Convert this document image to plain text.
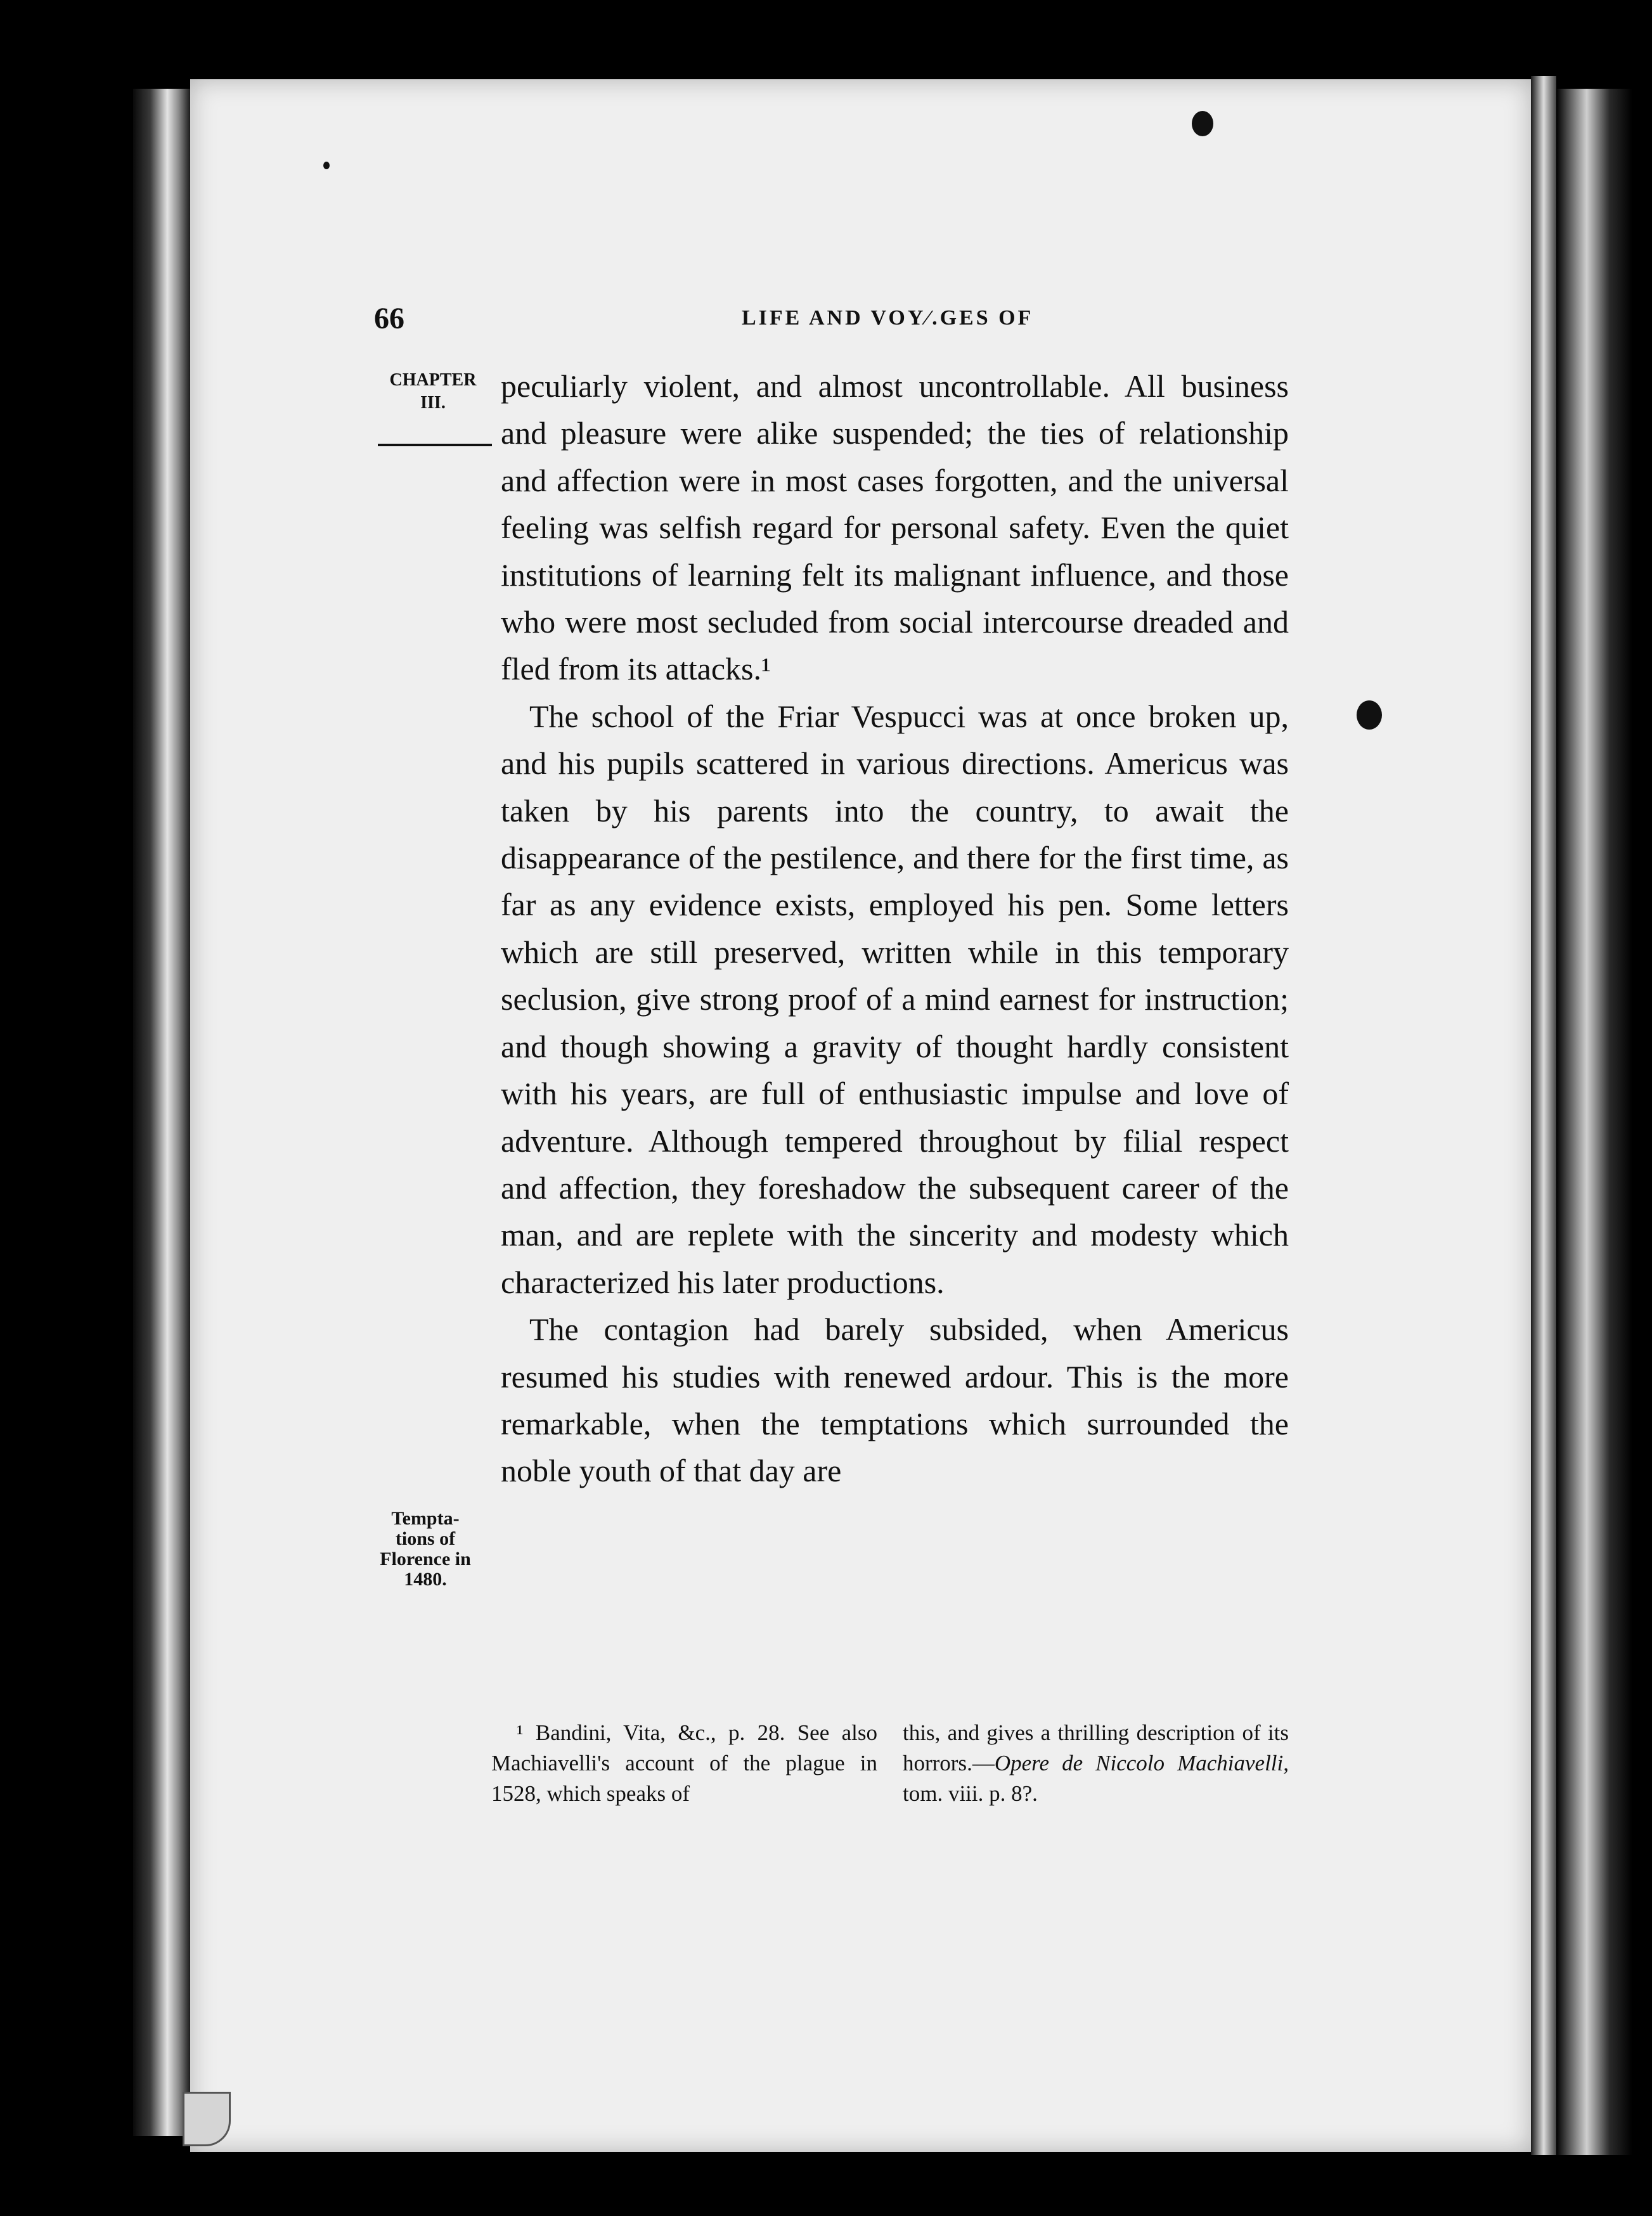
66	LIFE AND VOY⁄.GES OF
CHAPTER
III.	peculiarly violent, and almost uncontrollable. All business and pleasure were alike suspended; the ties of relationship and affection were in most cases forgotten, and the universal feeling was selfish regard for personal safety. Even the quiet institutions of learning felt its malignant influence, and those who were most secluded from social intercourse dreaded and fled from its attacks.¹

The school of the Friar Vespucci was at once broken up, and his pupils scattered in various directions. Americus was taken by his parents into the country, to await the disappearance of the pestilence, and there for the first time, as far as any evidence exists, employed his pen. Some letters which are still preserved, written while in this temporary seclusion, give strong proof of a mind earnest for instruction; and though showing a gravity of thought hardly consistent with his years, are full of enthusiastic impulse and love of adventure. Although tempered throughout by filial respect and affection, they foreshadow the subsequent career of the man, and are replete with the sincerity and modesty which characterized his later productions.

The contagion had barely subsided, when Americus resumed his studies with renewed ardour. This is the more remarkable, when the temptations which surrounded the noble youth of that day are

Tempta-
tions of
Florence in
1480.

¹ Bandini, Vita, &c., p. 28. See also Machiavelli's account of the plague in 1528, which speaks of

this, and gives a thrilling description of its horrors.—Opere de Niccolo Machiavelli, tom. viii. p. 8?.
